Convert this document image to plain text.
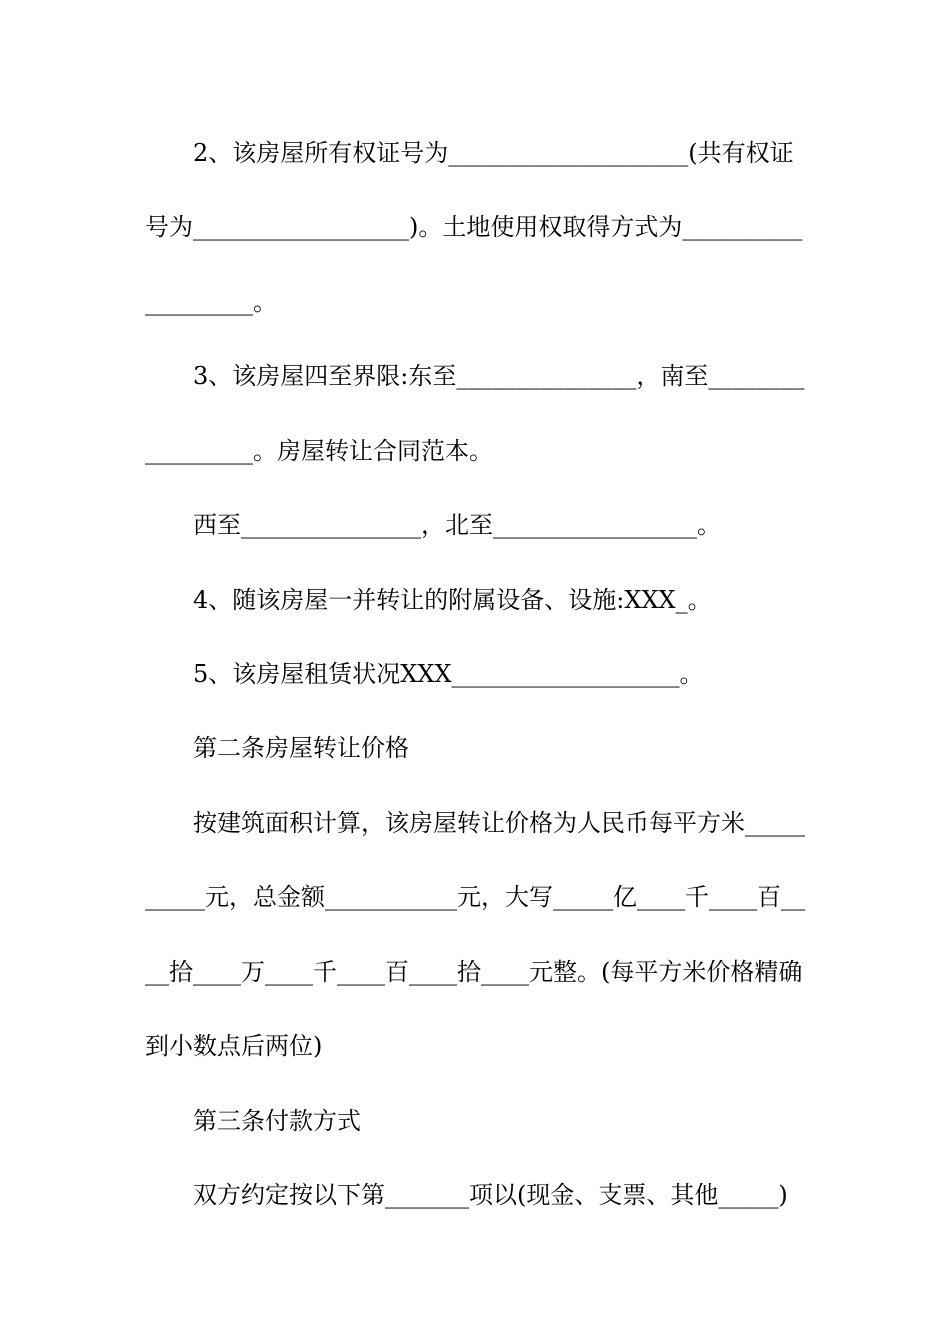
2、该房屋所有权证号为____________________(共有权证
号为__________________)。土地使用权取得方式为__________
_________。
3、该房屋四至界限:东至_______________，南至________
_________。房屋转让合同范本。
西至_______________，北至_________________。
4、随该房屋一并转让的附属设备、设施:XXX_。
5、该房屋租赁状况XXX___________________。
第二条房屋转让价格
按建筑面积计算，该房屋转让价格为人民币每平方米_____
_____元，总金额___________元，大写_____亿____千____百__
__拾____万____千____百____拾____元整。(每平方米价格精确
到小数点后两位)
第三条付款方式
双方约定按以下第_______项以(现金、支票、其他_____)
